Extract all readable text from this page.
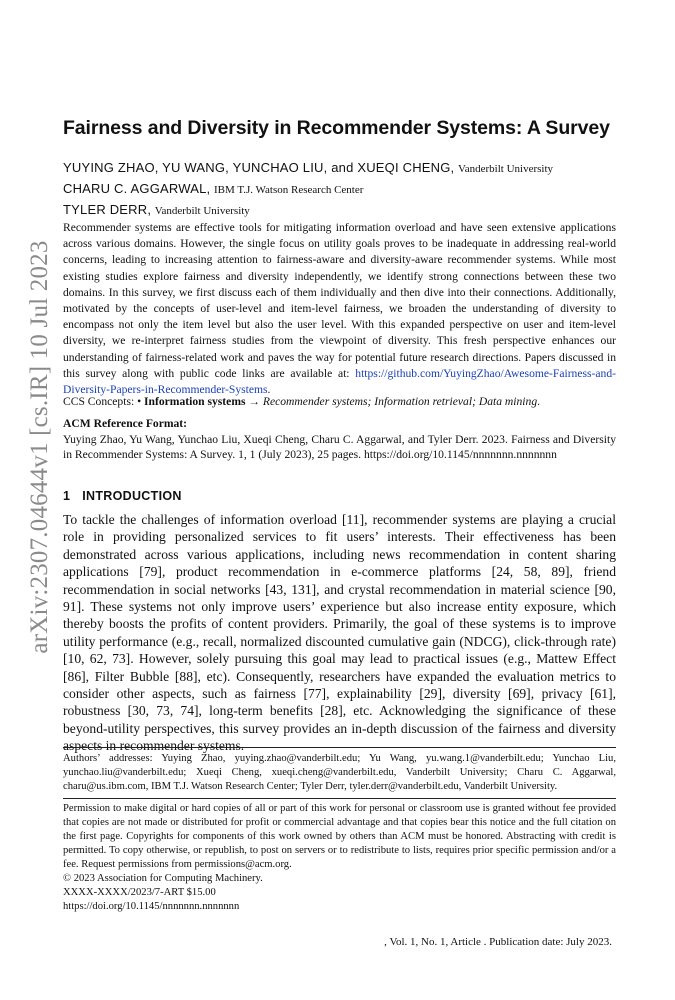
arXiv:2307.04644v1 [cs.IR] 10 Jul 2023
Fairness and Diversity in Recommender Systems: A Survey
YUYING ZHAO, YU WANG, YUNCHAO LIU, and XUEQI CHENG, Vanderbilt University
CHARU C. AGGARWAL, IBM T.J. Watson Research Center
TYLER DERR, Vanderbilt University

Recommender systems are effective tools for mitigating information overload and have seen extensive applications across various domains. However, the single focus on utility goals proves to be inadequate in addressing real-world concerns, leading to increasing attention to fairness-aware and diversity-aware recommender systems. While most existing studies explore fairness and diversity independently, we identify strong connections between these two domains. In this survey, we first discuss each of them individually and then dive into their connections. Additionally, motivated by the concepts of user-level and item-level fairness, we broaden the understanding of diversity to encompass not only the item level but also the user level. With this expanded perspective on user and item-level diversity, we re-interpret fairness studies from the viewpoint of diversity. This fresh perspective enhances our understanding of fairness-related work and paves the way for potential future research directions. Papers discussed in this survey along with public code links are available at: https://github.com/YuyingZhao/Awesome-Fairness-and-Diversity-Papers-in-Recommender-Systems.

CCS Concepts: • Information systems → Recommender systems; Information retrieval; Data mining.

ACM Reference Format:
Yuying Zhao, Yu Wang, Yunchao Liu, Xueqi Cheng, Charu C. Aggarwal, and Tyler Derr. 2023. Fairness and Diversity in Recommender Systems: A Survey. 1, 1 (July 2023), 25 pages. https://doi.org/10.1145/nnnnnnn.nnnnnnn
1 INTRODUCTION

To tackle the challenges of information overload [11], recommender systems are playing a crucial role in providing personalized services to fit users’ interests. Their effectiveness has been demonstrated across various applications, including news recommendation in content sharing applications [79], product recommendation in e-commerce platforms [24, 58, 89], friend recommendation in social networks [43, 131], and crystal recommendation in material science [90, 91]. These systems not only improve users’ experience but also increase entity exposure, which thereby boosts the profits of content providers. Primarily, the goal of these systems is to improve utility performance (e.g., recall, normalized discounted cumulative gain (NDCG), click-through rate) [10, 62, 73]. However, solely pursuing this goal may lead to practical issues (e.g., Mattew Effect [86], Filter Bubble [88], etc). Consequently, researchers have expanded the evaluation metrics to consider other aspects, such as fairness [77], explainability [29], diversity [69], privacy [61], robustness [30, 73, 74], long-term benefits [28], etc. Acknowledging the significance of these beyond-utility perspectives, this survey provides an in-depth discussion of the fairness and diversity aspects in recommender systems.

Authors’ addresses: Yuying Zhao, yuying.zhao@vanderbilt.edu; Yu Wang, yu.wang.1@vanderbilt.edu; Yunchao Liu, yunchao.liu@vanderbilt.edu; Xueqi Cheng, xueqi.cheng@vanderbilt.edu, Vanderbilt University; Charu C. Aggarwal, charu@us.ibm.com, IBM T.J. Watson Research Center; Tyler Derr, tyler.derr@vanderbilt.edu, Vanderbilt University.

Permission to make digital or hard copies of all or part of this work for personal or classroom use is granted without fee provided that copies are not made or distributed for profit or commercial advantage and that copies bear this notice and the full citation on the first page. Copyrights for components of this work owned by others than ACM must be honored. Abstracting with credit is permitted. To copy otherwise, or republish, to post on servers or to redistribute to lists, requires prior specific permission and/or a fee. Request permissions from permissions@acm.org.
© 2023 Association for Computing Machinery.
XXXX-XXXX/2023/7-ART $15.00
https://doi.org/10.1145/nnnnnnn.nnnnnnn
, Vol. 1, No. 1, Article . Publication date: July 2023.
